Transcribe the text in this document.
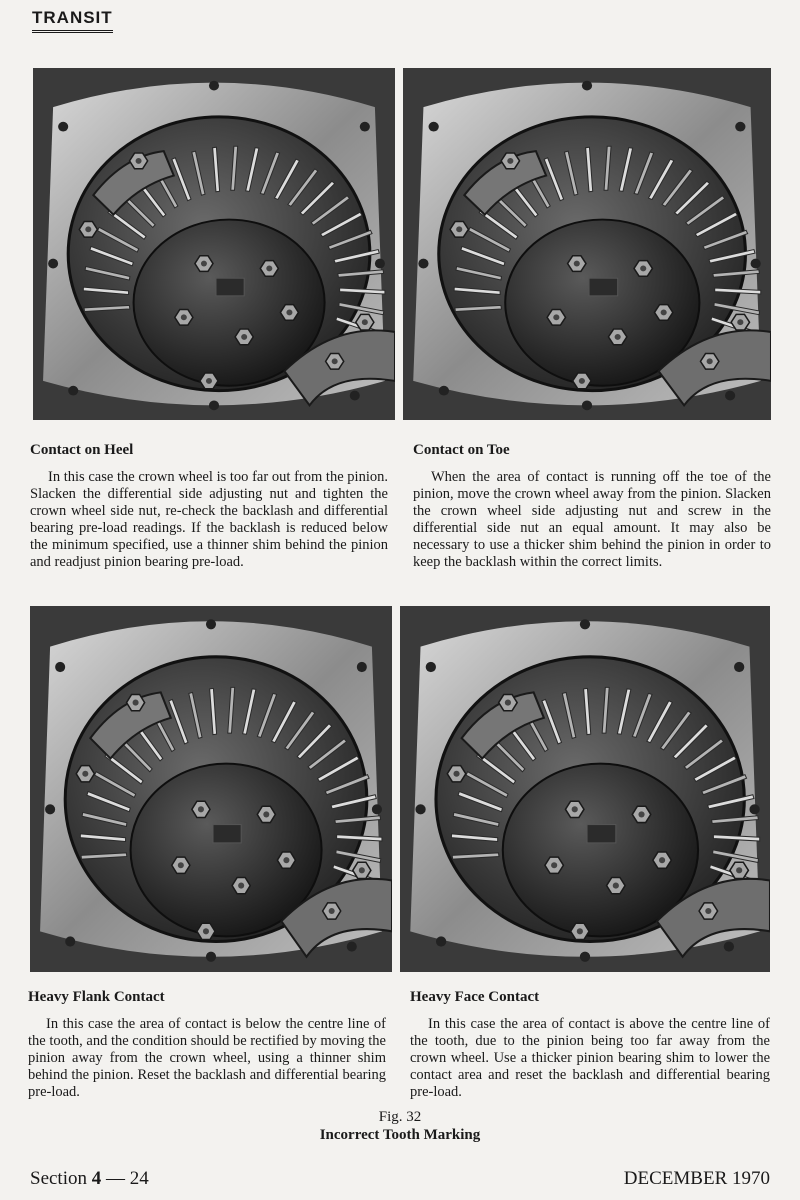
TRANSIT
Contact on Heel

In this case the crown wheel is too far out from the pinion. Slacken the differential side adjusting nut and tighten the crown wheel side nut, re-check the backlash and differential bearing pre-load readings. If the backlash is reduced below the minimum specified, use a thinner shim behind the pinion and readjust pinion bearing pre-load.

Contact on Toe

When the area of contact is running off the toe of the pinion, move the crown wheel away from the pinion. Slacken the crown wheel side adjusting nut and screw in the differential side nut an equal amount. It may also be necessary to use a thicker shim behind the pinion in order to keep the backlash within the correct limits.

Heavy Flank Contact

In this case the area of contact is below the centre line of the tooth, and the condition should be rectified by moving the pinion away from the crown wheel, using a thinner shim behind the pinion. Reset the backlash and differential bearing pre-load.

Heavy Face Contact

In this case the area of contact is above the centre line of the tooth, due to the pinion being too far away from the crown wheel. Use a thicker pinion bearing shim to lower the contact area and reset the backlash and differential bearing pre-load.

Fig. 32
Incorrect Tooth Marking
Section 4 — 24	DECEMBER 1970
